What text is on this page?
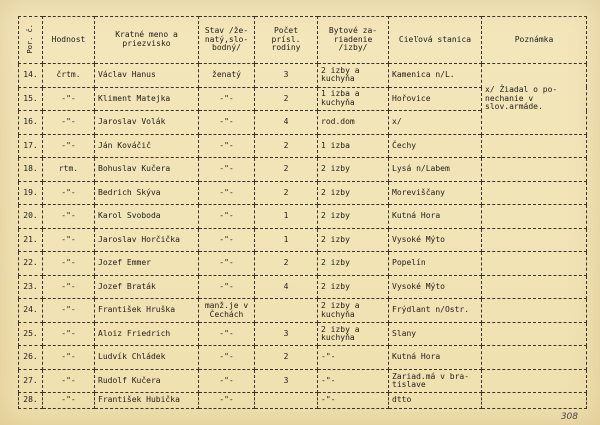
Por. č.	Hodnost	Kratné meno a priezvisko	Stav /že-natý,slo-bodný/	Počet prísl. rodiny	Bytové za-riadenie /izby/	Cieľová stanica	Poznámka
14.	črtm.	Václav Hanus	ženatý	3	2 izby a kuchyňa	Kamenica n/L.	x/ Žiadal o po-nechanie v slov.armáde.
15.	-"-	Kliment Matejka	-"-	2	1 izba a kuchyňa	Hořovice	
16.	-"-	Jaroslav Volák	-"-	4	rod.dom	x/	
17.	-"-	Ján Kováčič	-"-	2	1 izba	Čechy	
18.	rtm.	Bohuslav Kučera	-"-	2	2 izby	Lysá n/Labem	
19.	-"-	Bedrich Skýva	-"-	2	2 izby	Moreviščany	
20.	-"-	Karol Svoboda	-"-	1	2 izby	Kutná Hora	
21.	-"-	Jaroslav Horčička	-"-	1	2 izby	Vysoké Mýto	
22.	-"-	Jozef Emmer	-"-	2	2 izby	Popelín	
23.	-"-	Jozef Braták	-"-	4	2 izby	Vysoké Mýto	
24.	-"-	František Hruška	manž.je v Čechách		2 izby a kuchyňa	Frýdlant n/Ostr.	
25.	-"-	Aloiz Friedrich	-"-	3	2 izby a kuchyňa	Slany	
26.	-"-	Ludvík Chládek	-"-	2	-"-	Kutná Hora	
27.	-"-	Rudolf Kučera	-"-	3	-"-	Zariad.má v bra-tislave	
28.	-"-	František Hubička	-"-		-"-	dtto	
308
